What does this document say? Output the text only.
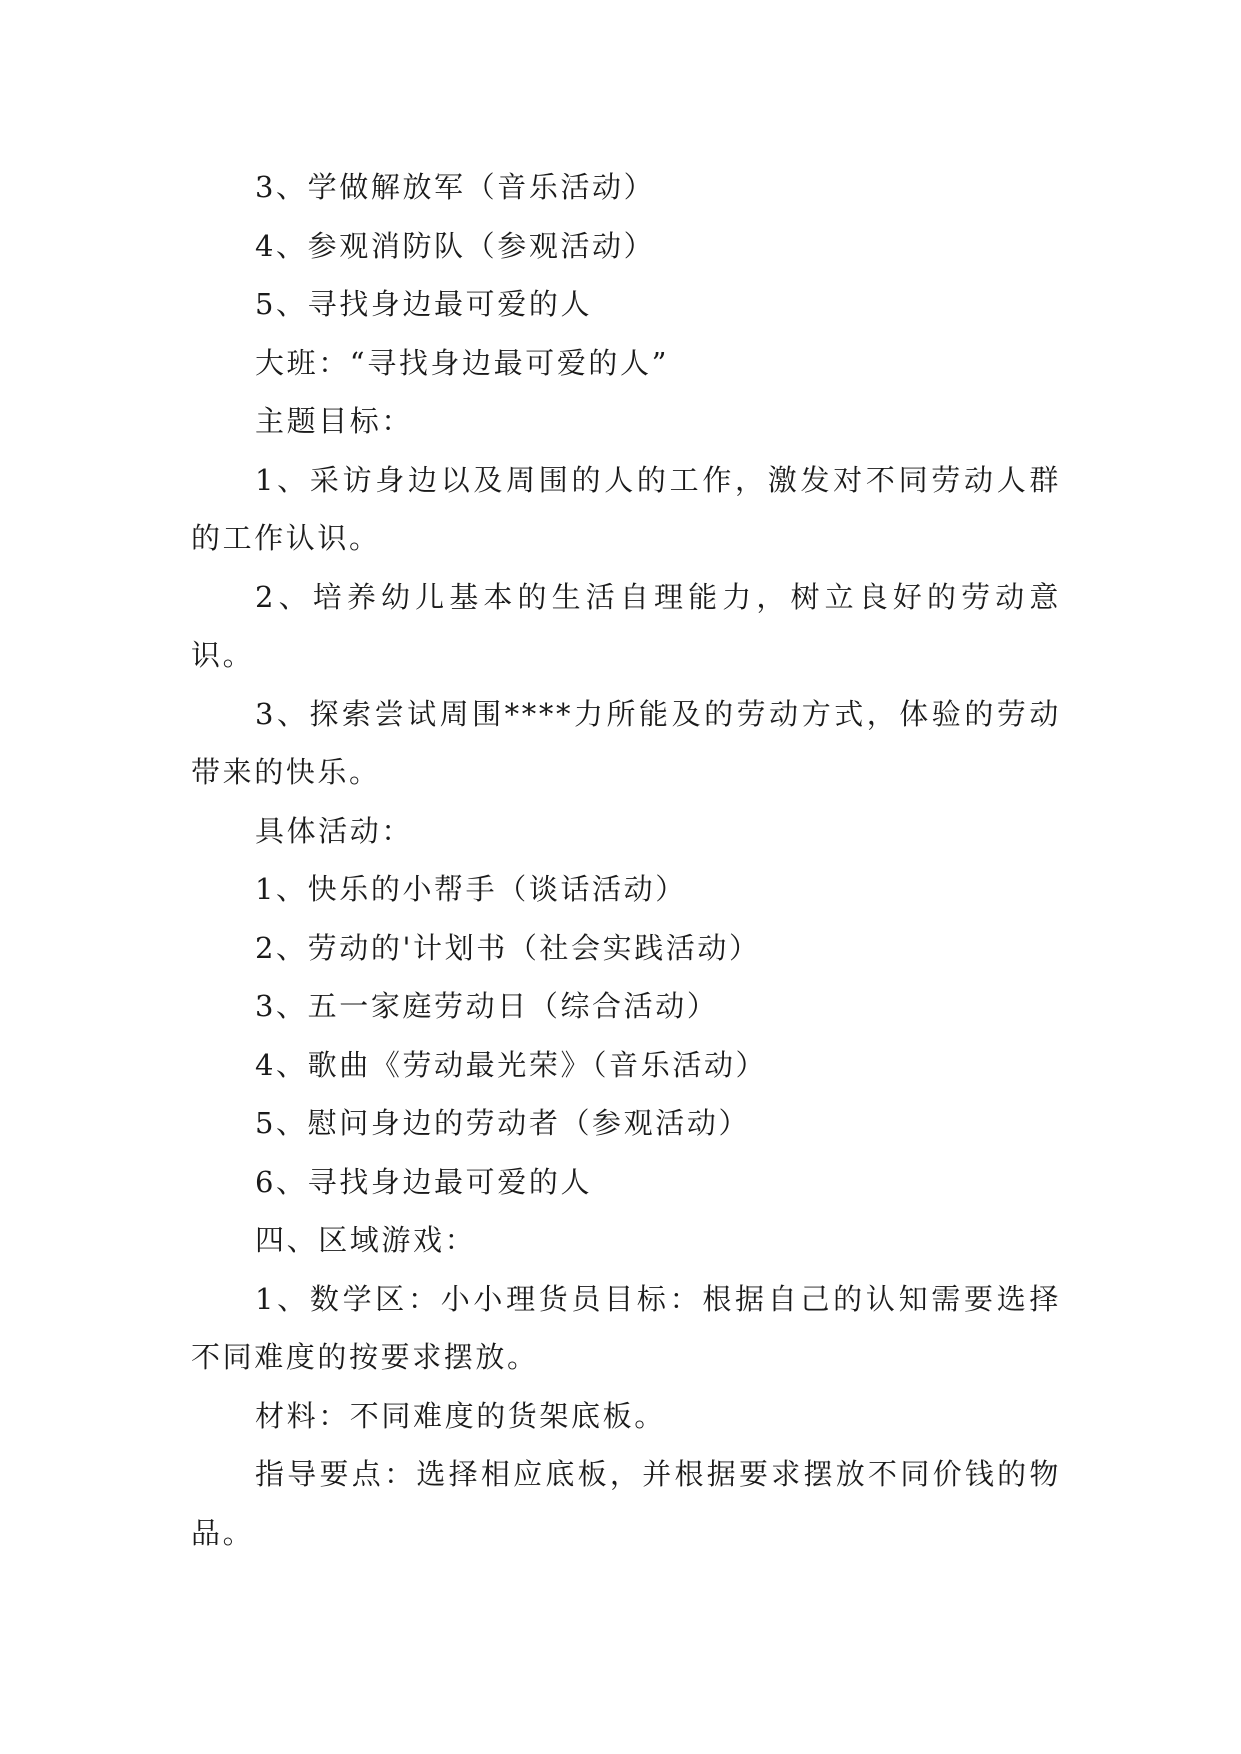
3、学做解放军（音乐活动）

4、参观消防队（参观活动）

5、寻找身边最可爱的人

大班：“寻找身边最可爱的人”

主题目标：

1、采访身边以及周围的人的工作，激发对不同劳动人群的工作认识。

2、培养幼儿基本的生活自理能力，树立良好的劳动意识。

3、探索尝试周围****力所能及的劳动方式，体验的劳动带来的快乐。

具体活动：

1、快乐的小帮手（谈话活动）

2、劳动的'计划书（社会实践活动）

3、五一家庭劳动日（综合活动）

4、歌曲《劳动最光荣》（音乐活动）

5、慰问身边的劳动者（参观活动）

6、寻找身边最可爱的人

四、区域游戏：

1、数学区：小小理货员目标：根据自己的认知需要选择不同难度的按要求摆放。

材料：不同难度的货架底板。

指导要点：选择相应底板，并根据要求摆放不同价钱的物品。
